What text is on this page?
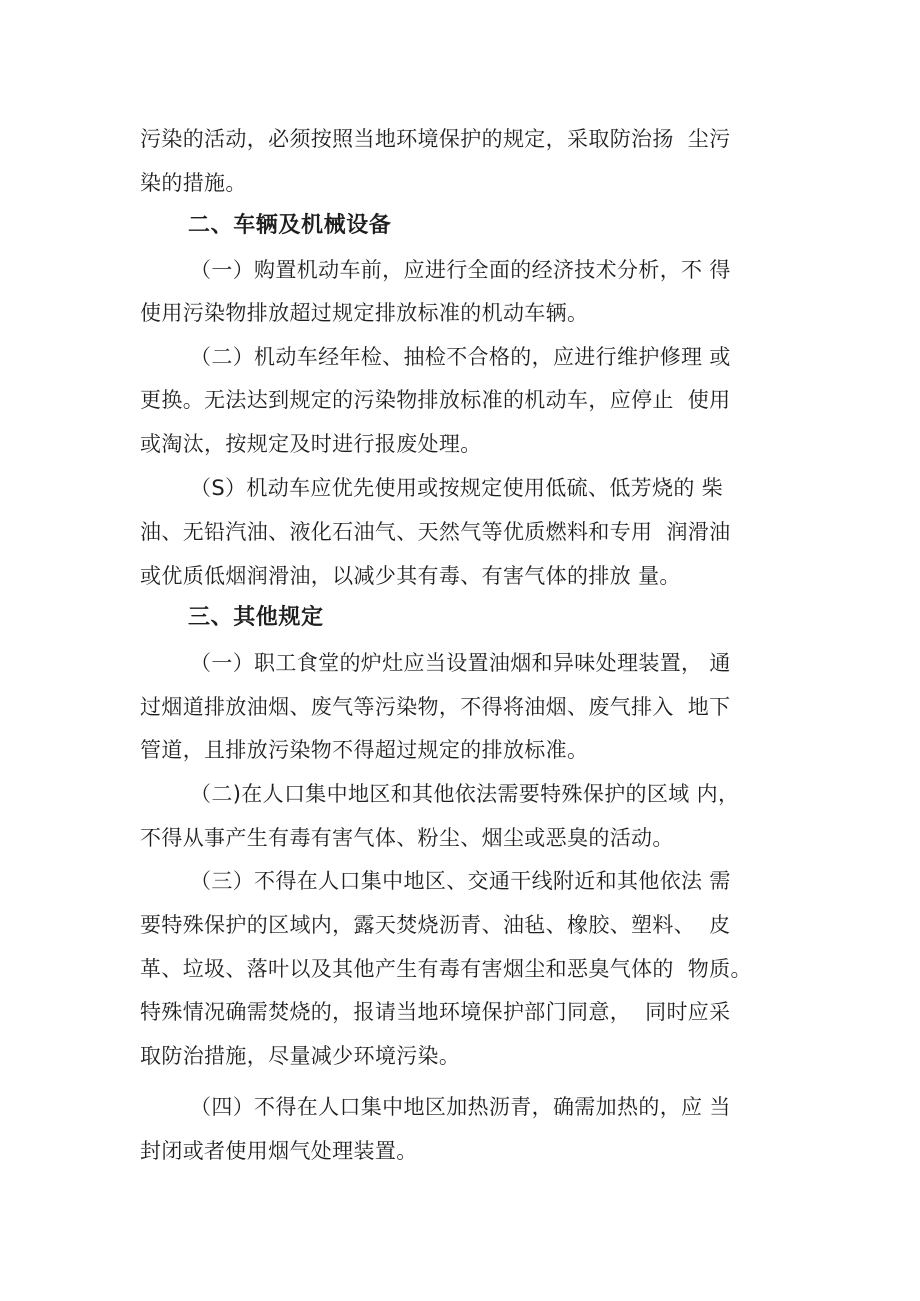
污染的活动，必须按照当地环境保护的规定，采取防治扬  尘污
染的措施。
二、车辆及机械设备
（一）购置机动车前，应进行全面的经济技术分析，不 得
使用污染物排放超过规定排放标准的机动车辆。
（二）机动车经年检、抽检不合格的，应进行维护修理 或
更换。无法达到规定的污染物排放标准的机动车，应停止  使用
或淘汰，按规定及时进行报废处理。
（S）机动车应优先使用或按规定使用低硫、低芳烧的 柴
油、无铅汽油、液化石油气、天然气等优质燃料和专用  润滑油
或优质低烟润滑油，以减少其有毒、有害气体的排放 量。
三、其他规定
（一）职工食堂的炉灶应当设置油烟和异味处理装置， 通
过烟道排放油烟、废气等污染物，不得将油烟、废气排入  地下
管道，且排放污染物不得超过规定的排放标准。
（二)在人口集中地区和其他依法需要特殊保护的区域 内，
不得从事产生有毒有害气体、粉尘、烟尘或恶臭的活动。
（三）不得在人口集中地区、交通干线附近和其他依法 需
要特殊保护的区域内，露天焚烧沥青、油毡、橡胶、塑料、  皮
革、垃圾、落叶以及其他产生有毒有害烟尘和恶臭气体的  物质。
特殊情况确需焚烧的，报请当地环境保护部门同意，  同时应采
取防治措施，尽量减少环境污染。
（四）不得在人口集中地区加热沥青，确需加热的，应 当
封闭或者使用烟气处理装置。
